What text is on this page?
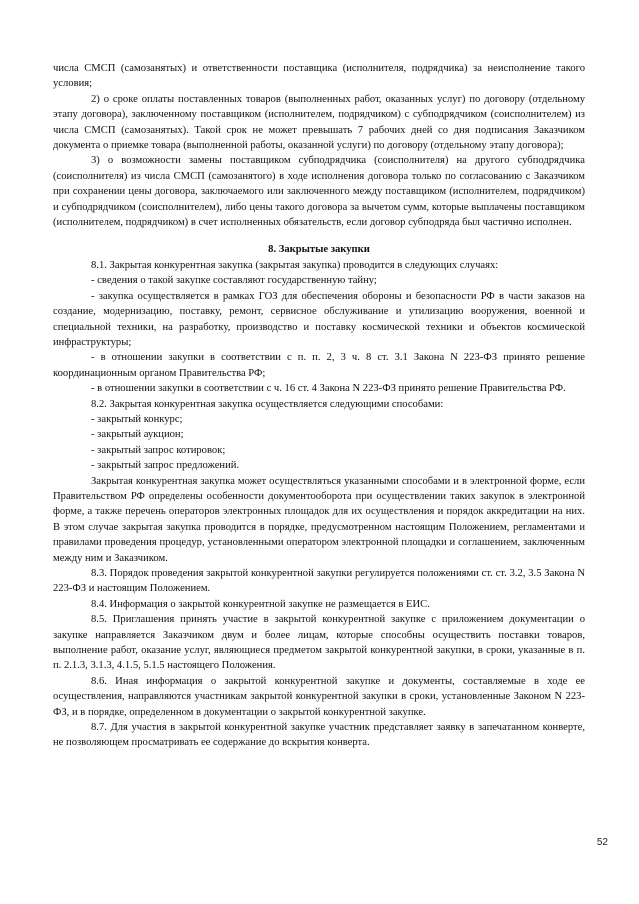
числа СМСП (самозанятых) и ответственности поставщика (исполнителя, подрядчика) за неисполнение такого условия;

2) о сроке оплаты поставленных товаров (выполненных работ, оказанных услуг) по договору (отдельному этапу договора), заключенному поставщиком (исполнителем, подрядчиком) с субподрядчиком (соисполнителем) из числа СМСП (самозанятых). Такой срок не может превышать 7 рабочих дней со дня подписания Заказчиком документа о приемке товара (выполненной работы, оказанной услуги) по договору (отдельному этапу договора);

3) о возможности замены поставщиком субподрядчика (соисполнителя) на другого субподрядчика (соисполнителя) из числа СМСП (самозанятого) в ходе исполнения договора только по согласованию с Заказчиком при сохранении цены договора, заключаемого или заключенного между поставщиком (исполнителем, подрядчиком) и субподрядчиком (соисполнителем), либо цены такого договора за вычетом сумм, которые выплачены поставщиком (исполнителем, подрядчиком) в счет исполненных обязательств, если договор субподряда был частично исполнен.

8. Закрытые закупки

8.1. Закрытая конкурентная закупка (закрытая закупка) проводится в следующих случаях:

- сведения о такой закупке составляют государственную тайну;

- закупка осуществляется в рамках ГОЗ для обеспечения обороны и безопасности РФ в части заказов на создание, модернизацию, поставку, ремонт, сервисное обслуживание и утилизацию вооружения, военной и специальной техники, на разработку, производство и поставку космической техники и объектов космической инфраструктуры;

- в отношении закупки в соответствии с п. п. 2, 3 ч. 8 ст. 3.1 Закона N 223-ФЗ принято решение координационным органом Правительства РФ;

- в отношении закупки в соответствии с ч. 16 ст. 4 Закона N 223-ФЗ принято решение Правительства РФ.

8.2. Закрытая конкурентная закупка осуществляется следующими способами:

- закрытый конкурс;

- закрытый аукцион;

- закрытый запрос котировок;

- закрытый запрос предложений.

Закрытая конкурентная закупка может осуществляться указанными способами и в электронной форме, если Правительством РФ определены особенности документооборота при осуществлении таких закупок в электронной форме, а также перечень операторов электронных площадок для их осуществления и порядок аккредитации на них. В этом случае закрытая закупка проводится в порядке, предусмотренном настоящим Положением, регламентами и правилами проведения процедур, установленными оператором электронной площадки и соглашением, заключенным между ним и Заказчиком.

8.3. Порядок проведения закрытой конкурентной закупки регулируется положениями ст. ст. 3.2, 3.5 Закона N 223-ФЗ и настоящим Положением.

8.4. Информация о закрытой конкурентной закупке не размещается в ЕИС.

8.5. Приглашения принять участие в закрытой конкурентной закупке с приложением документации о закупке направляется Заказчиком двум и более лицам, которые способны осуществить поставки товаров, выполнение работ, оказание услуг, являющиеся предметом закрытой конкурентной закупки, в сроки, указанные в п. п. 2.1.3, 3.1.3, 4.1.5, 5.1.5 настоящего Положения.

8.6. Иная информация о закрытой конкурентной закупке и документы, составляемые в ходе ее осуществления, направляются участникам закрытой конкурентной закупки в сроки, установленные Законом N 223-ФЗ, и в порядке, определенном в документации о закрытой конкурентной закупке.

8.7. Для участия в закрытой конкурентной закупке участник представляет заявку в запечатанном конверте, не позволяющем просматривать ее содержание до вскрытия конверта.

52
